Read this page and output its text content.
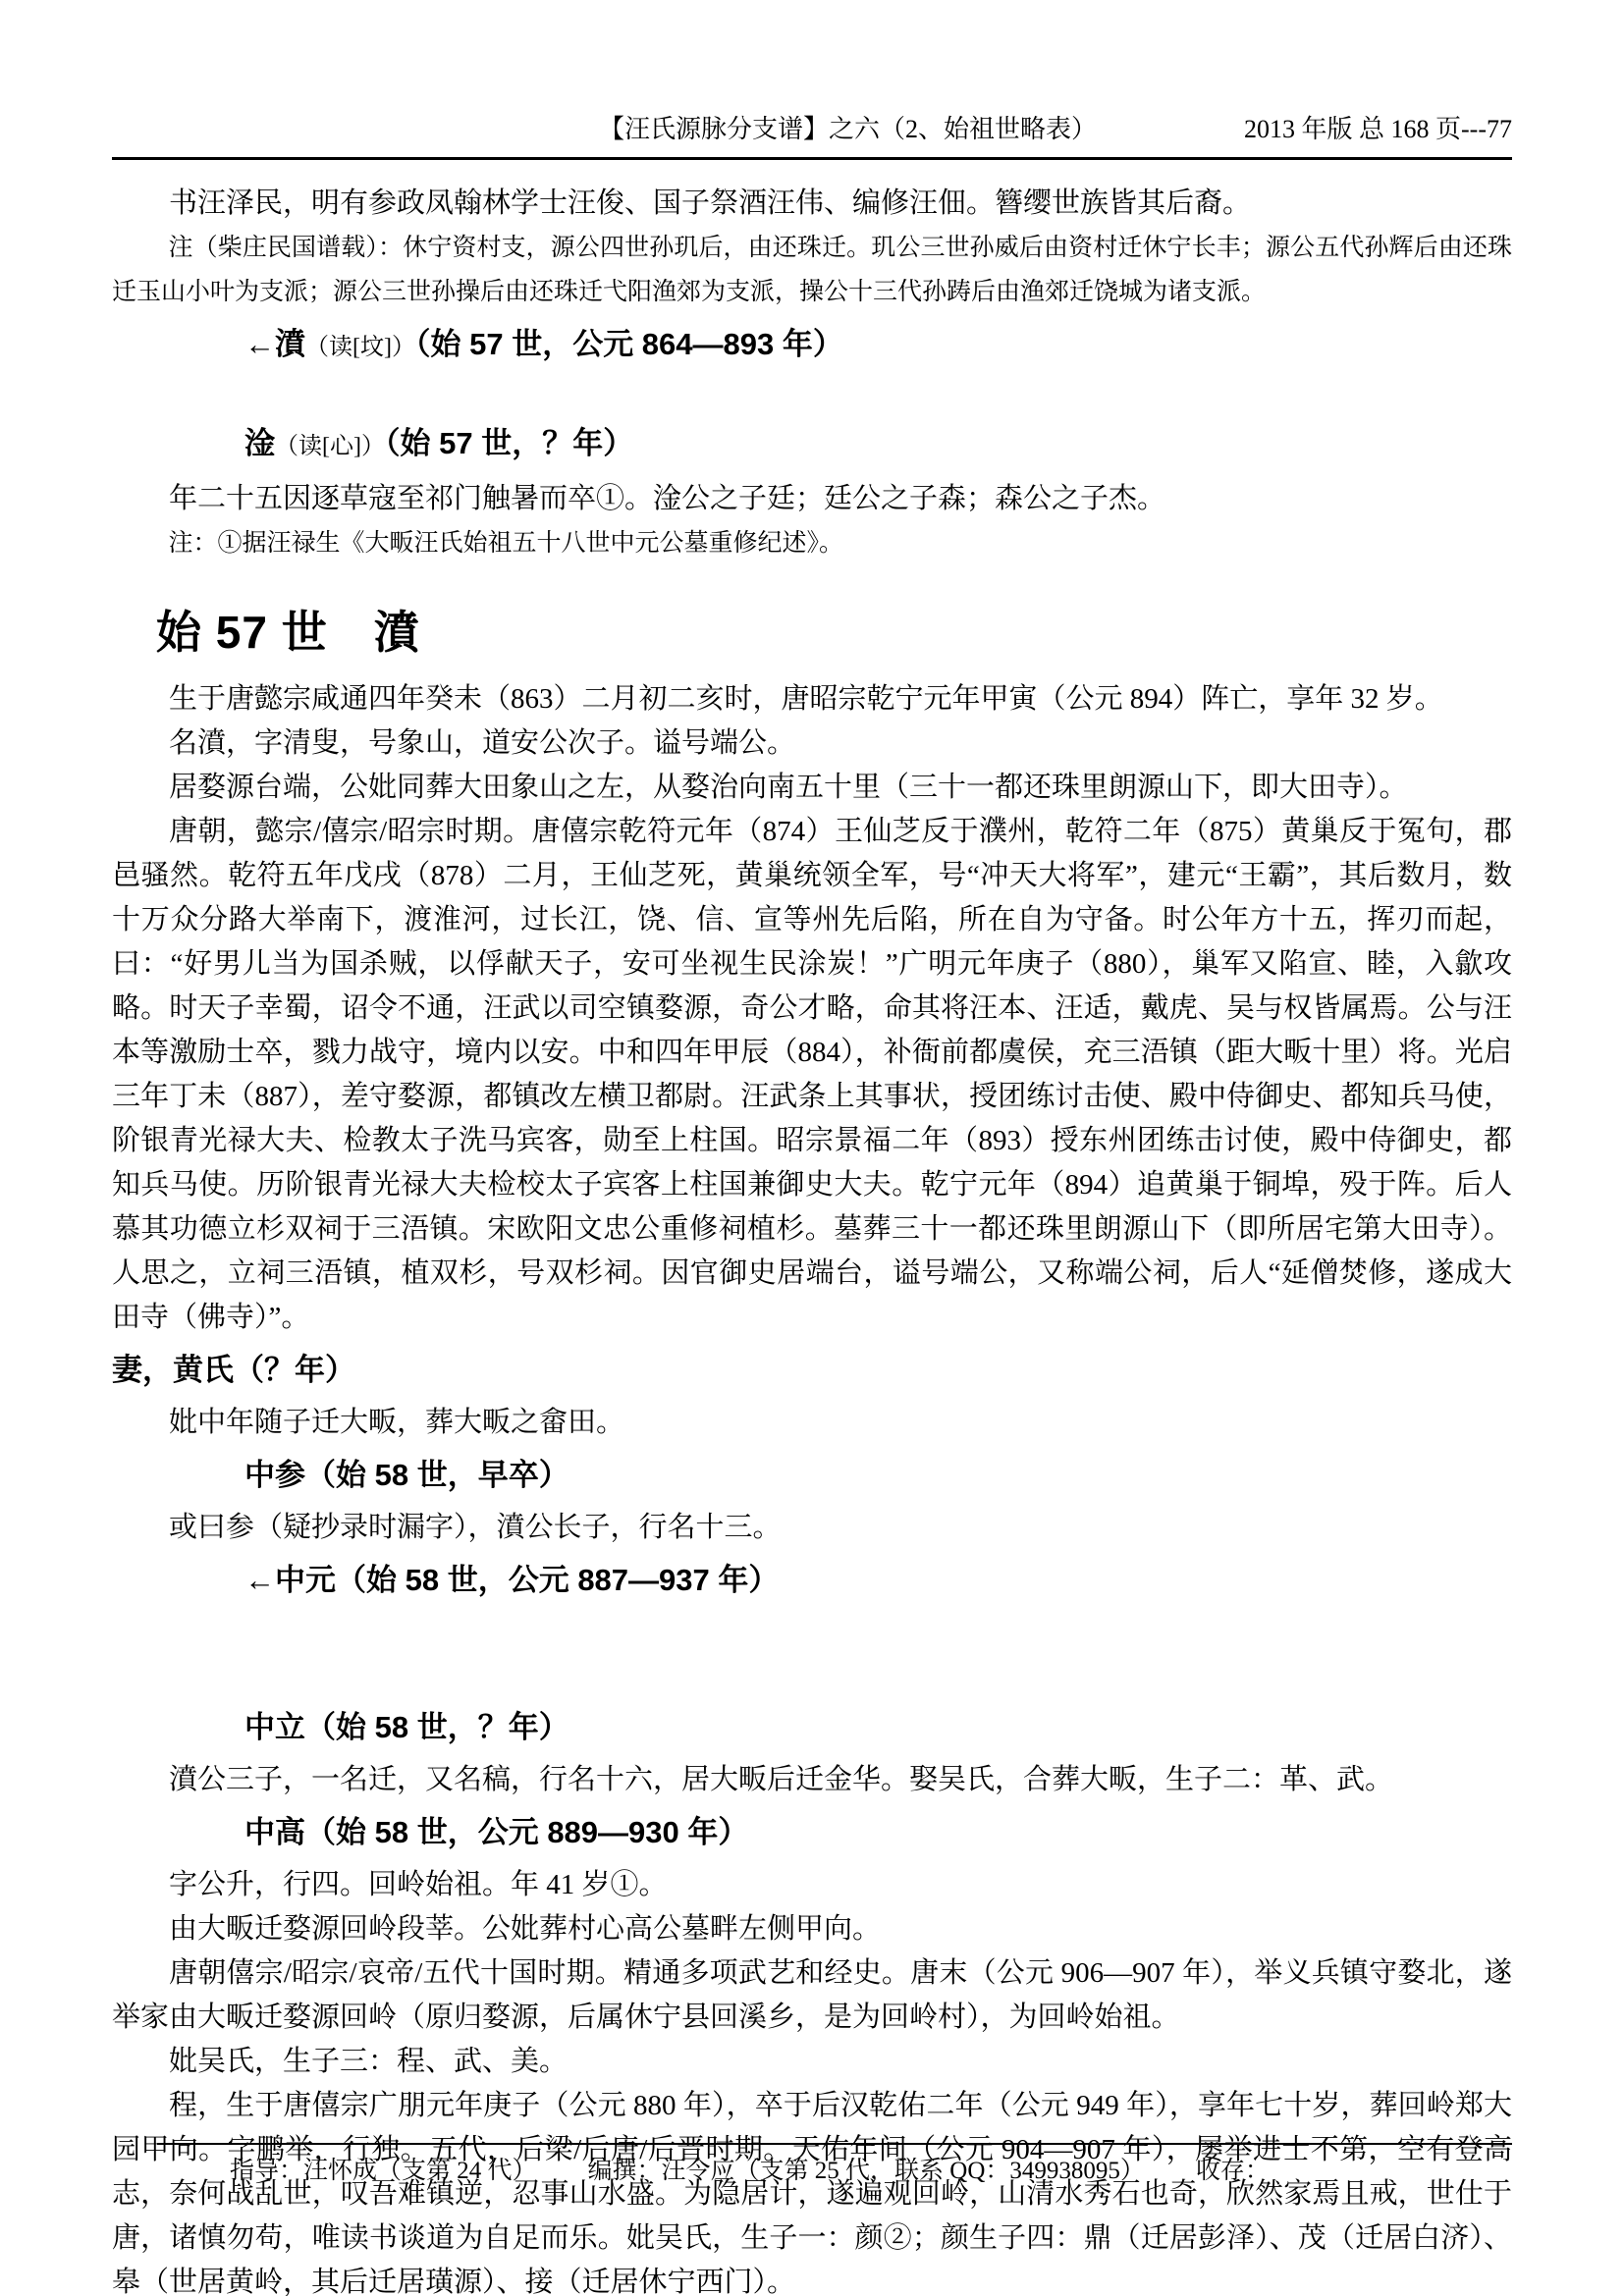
【汪氏源脉分支谱】之六（2、始祖世略表）	2013 年版 总 168 页---77

书汪泽民，明有参政凤翰林学士汪俊、国子祭酒汪伟、编修汪佃。簪缨世族皆其后裔。

注（柴庄民国谱载）：休宁资村支，源公四世孙玑后，由还珠迁。玑公三世孙威后由资村迁休宁长丰；源公五代孙辉后由还珠迁玉山小叶为支派；源公三世孙操后由还珠迁弋阳渔郊为支派，操公十三代孙踌后由渔郊迁饶城为诸支派。

←濆（读[坟]）（始 57 世，公元 864—893 年）
淦（读[心]）（始 57 世，？年）

年二十五因逐草寇至祁门触暑而卒①。淦公之子廷；廷公之子森；森公之子杰。

注：①据汪禄生《大畈汪氏始祖五十八世中元公墓重修纪述》。

始 57 世　濆

生于唐懿宗咸通四年癸未（863）二月初二亥时，唐昭宗乾宁元年甲寅（公元 894）阵亡，享年 32 岁。

名濆，字清叟，号象山，道安公次子。谥号端公。

居婺源台端，公妣同葬大田象山之左，从婺治向南五十里（三十一都还珠里朗源山下，即大田寺）。

唐朝，懿宗/僖宗/昭宗时期。唐僖宗乾符元年（874）王仙芝反于濮州，乾符二年（875）黄巢反于冤句，郡邑骚然。乾符五年戊戌（878）二月，王仙芝死，黄巢统领全军，号“冲天大将军”，建元“王霸”，其后数月，数十万众分路大举南下，渡淮河，过长江，饶、信、宣等州先后陷，所在自为守备。时公年方十五，挥刃而起，曰：“好男儿当为国杀贼，以俘献天子，安可坐视生民涂炭！”广明元年庚子（880），巢军又陷宣、睦，入歙攻略。时天子幸蜀，诏令不通，汪武以司空镇婺源，奇公才略，命其将汪本、汪适，戴虎、吴与权皆属焉。公与汪本等激励士卒，戮力战守，境内以安。中和四年甲辰（884），补衙前都虞侯，充三浯镇（距大畈十里）将。光启三年丁未（887），差守婺源，都镇改左横卫都尉。汪武条上其事状，授团练讨击使、殿中侍御史、都知兵马使，阶银青光禄大夫、检教太子洗马宾客，勋至上柱国。昭宗景福二年（893）授东州团练击讨使，殿中侍御史，都知兵马使。历阶银青光禄大夫检校太子宾客上柱国兼御史大夫。乾宁元年（894）追黄巢于铜埠，殁于阵。后人慕其功德立杉双祠于三浯镇。宋欧阳文忠公重修祠植杉。墓葬三十一都还珠里朗源山下（即所居宅第大田寺）。人思之，立祠三浯镇，植双杉，号双杉祠。因官御史居端台，谥号端公，又称端公祠，后人“延僧焚修，遂成大田寺（佛寺）”。

妻，黄氏（？年）

妣中年随子迁大畈，葬大畈之畲田。

中参（始 58 世，早卒）

或曰参（疑抄录时漏字），濆公长子，行名十三。

←中元（始 58 世，公元 887—937 年）
中立（始 58 世，？年）

濆公三子，一名迁，又名稿，行名十六，居大畈后迁金华。娶吴氏，合葬大畈，生子二：革、武。

中高（始 58 世，公元 889—930 年）

字公升，行四。回岭始祖。年 41 岁①。

由大畈迁婺源回岭段莘。公妣葬村心高公墓畔左侧甲向。

唐朝僖宗/昭宗/哀帝/五代十国时期。精通多项武艺和经史。唐末（公元 906—907 年），举义兵镇守婺北，遂举家由大畈迁婺源回岭（原归婺源，后属休宁县回溪乡，是为回岭村），为回岭始祖。

妣吴氏，生子三：程、武、美。

程，生于唐僖宗广朋元年庚子（公元 880 年），卒于后汉乾佑二年（公元 949 年），享年七十岁，葬回岭郑大园甲向。字鹏举，行独。五代，后梁/后唐/后晋时期。天佑年间（公元 904—907 年），屡举进士不第，空有登高志，奈何战乱世，叹吾难镇逆，忍事山水盛。为隐居计，遂遍观回岭，山清水秀石也奇，欣然家焉且戒，世仕于唐，诸慎勿苟，唯读书谈道为自足而乐。妣吴氏，生子一：颜②；颜生子四：鼎（迁居彭泽）、茂（迁居白济）、皋（世居黄岭，其后迁居璜源）、接（迁居休宁西门）。

指导：汪怀成（支第 24 代） 编撰：汪令应（支第 25 代，联系 QQ：349938095） 收存：
